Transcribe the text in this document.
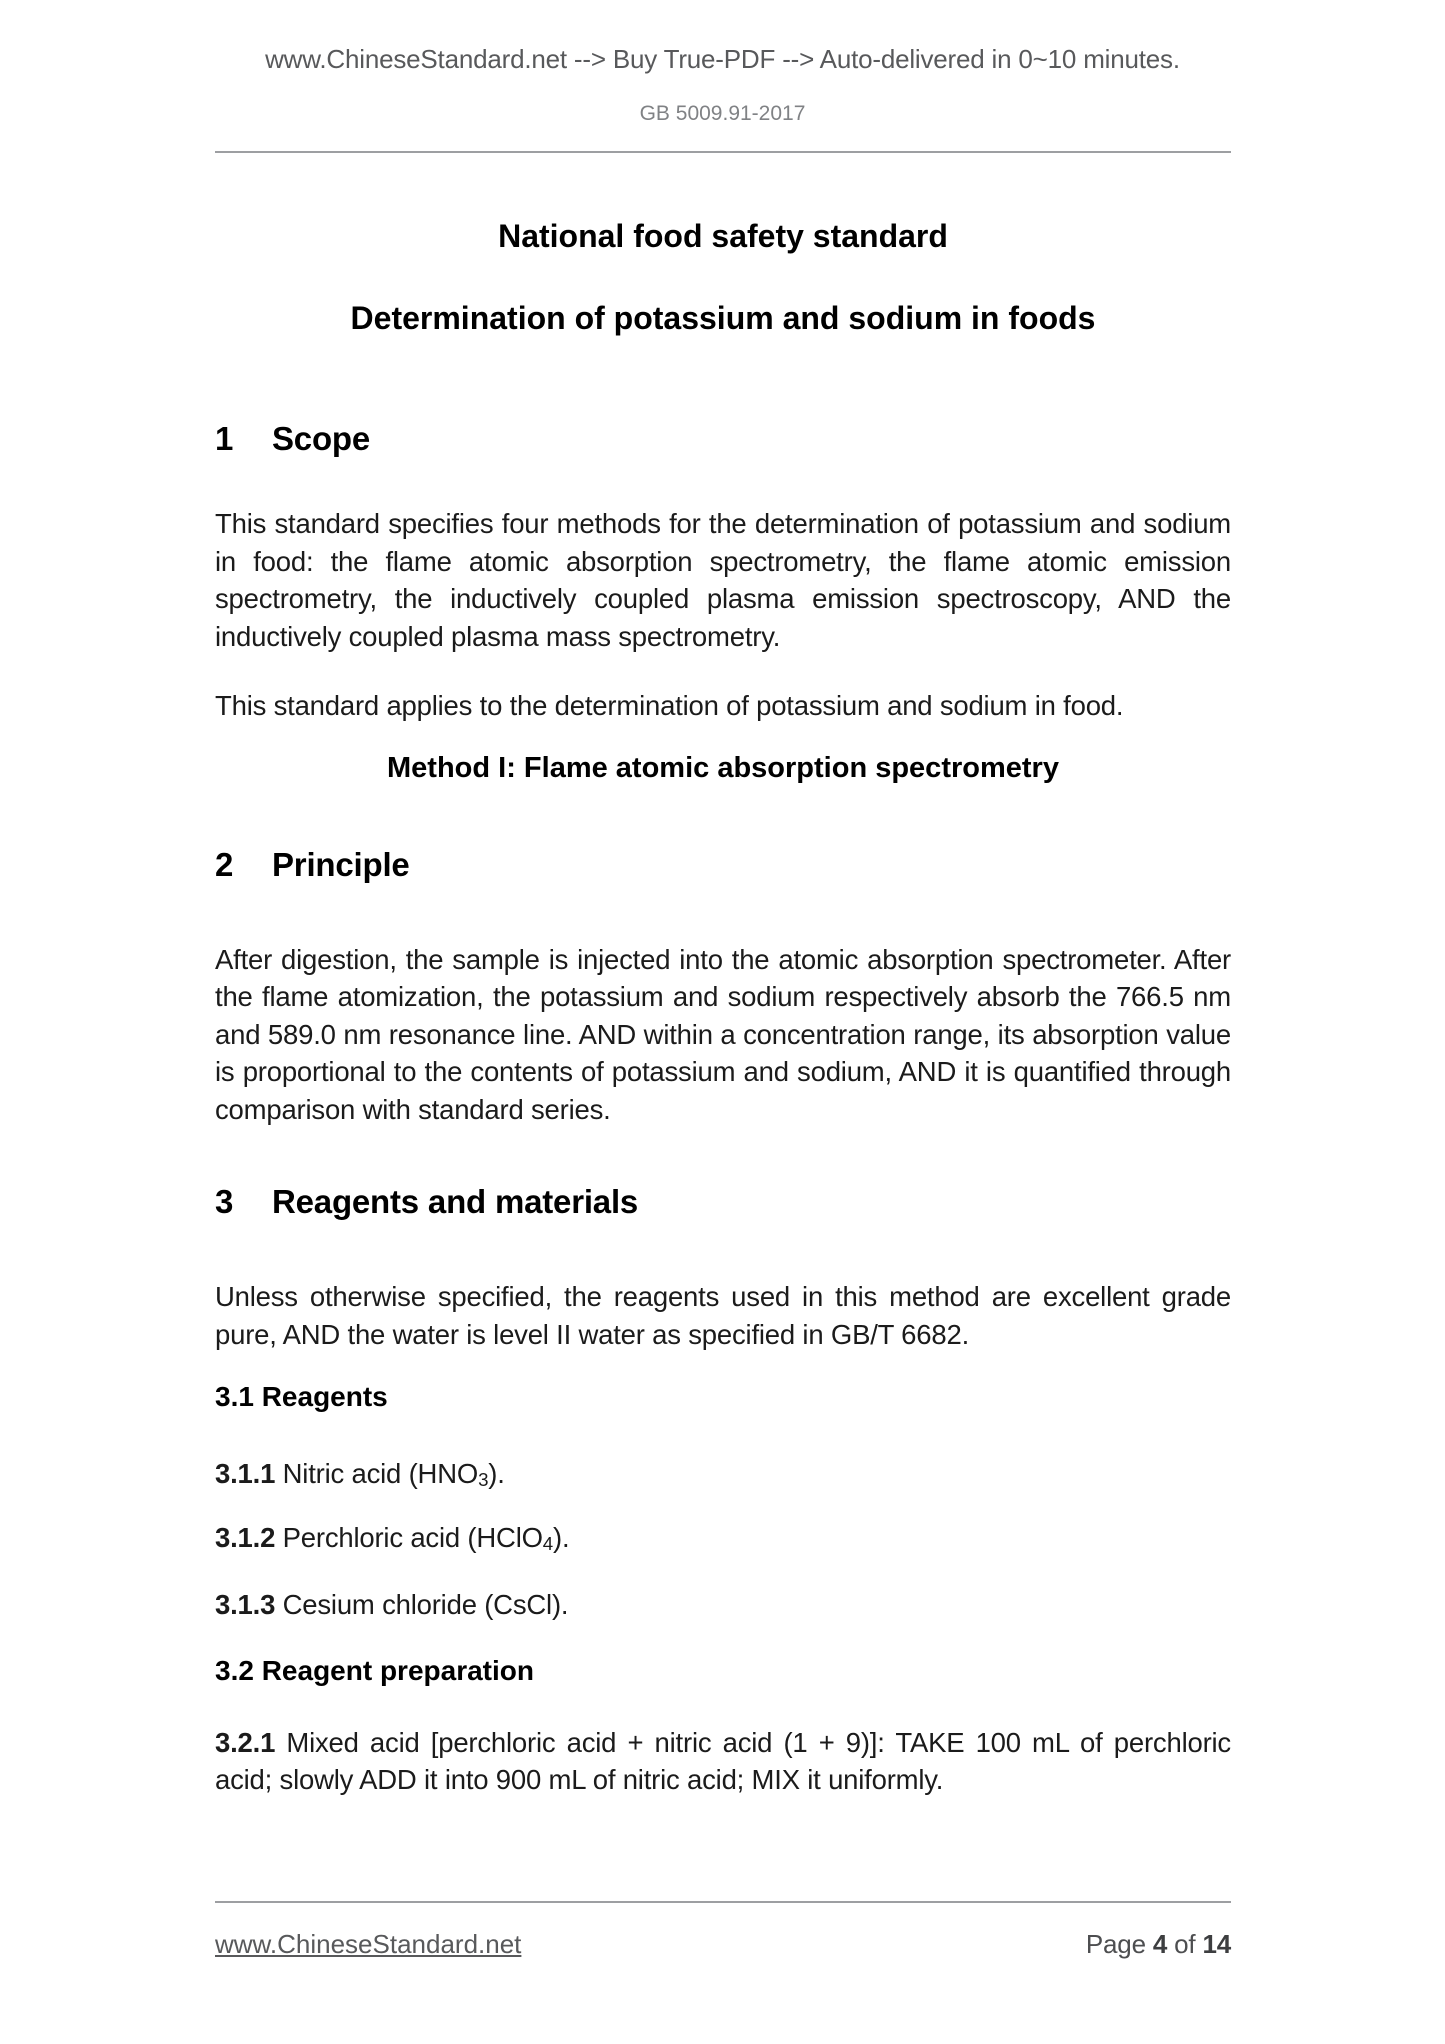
www.ChineseStandard.net --> Buy True-PDF --> Auto-delivered in 0~10 minutes.
GB 5009.91-2017
National food safety standard
Determination of potassium and sodium in foods
1 Scope

This standard specifies four methods for the determination of potassium and sodium in food: the flame atomic absorption spectrometry, the flame atomic emission spectrometry, the inductively coupled plasma emission spectroscopy, AND the inductively coupled plasma mass spectrometry.

This standard applies to the determination of potassium and sodium in food.

Method I: Flame atomic absorption spectrometry
2 Principle

After digestion, the sample is injected into the atomic absorption spectrometer. After the flame atomization, the potassium and sodium respectively absorb the 766.5 nm and 589.0 nm resonance line. AND within a concentration range, its absorption value is proportional to the contents of potassium and sodium, AND it is quantified through comparison with standard series.

3 Reagents and materials

Unless otherwise specified, the reagents used in this method are excellent grade pure, AND the water is level II water as specified in GB/T 6682.

3.1 Reagents

3.1.1 Nitric acid $(HNO_3)$.

3.1.2 Perchloric acid (HClO$_4$).

3.1.3 Cesium chloride (CsCl).

3.2 Reagent preparation

3.2.1 Mixed acid [perchloric acid + nitric acid (1 + 9)]: TAKE 100 mL of perchloric acid; slowly ADD it into 900 mL of nitric acid; MIX it uniformly.

www.ChineseStandard.net	Page 4 of 14
